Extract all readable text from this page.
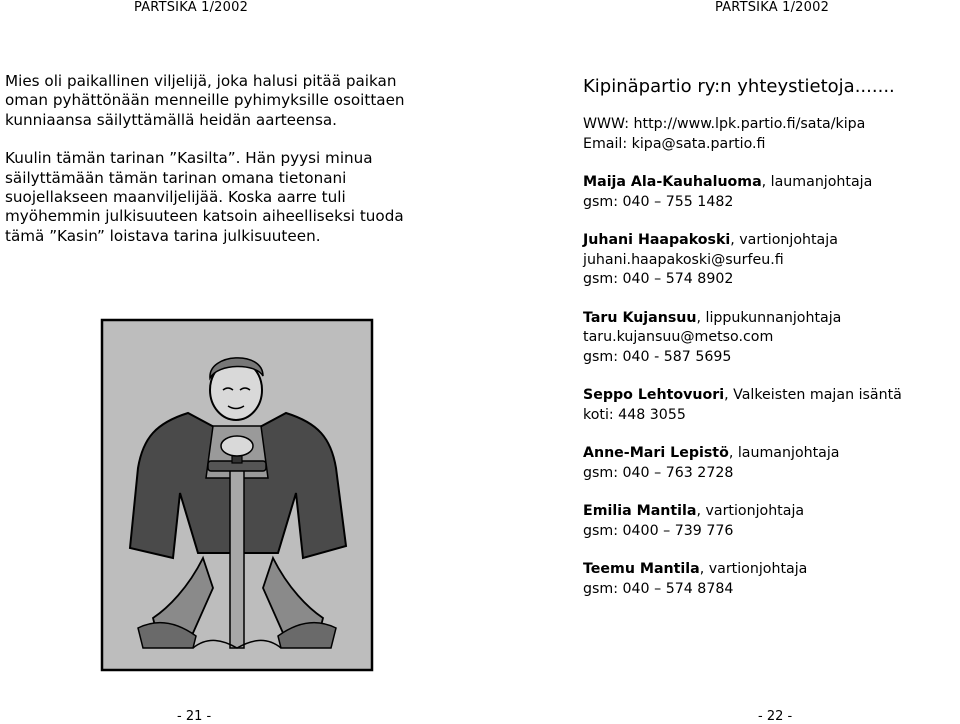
PARTSIKA 1/2002	PARTSIKA 1/2002

Mies oli paikallinen viljelijä, joka halusi pitää paikan
oman pyhättönään menneille pyhimyksille osoittaen
kunniaansa säilyttämällä heidän aarteensa.

Kuulin tämän tarinan ”Kasilta”. Hän pyysi minua
säilyttämään tämän tarinan omana tietonani
suojellakseen maanviljelijää. Koska aarre tuli
myöhemmin julkisuuteen katsoin aiheelliseksi tuoda
tämä ”Kasin” loistava tarina julkisuuteen.

Kipinäpartio ry:n yhteystietoja.......
WWW: http://www.lpk.partio.fi/sata/kipa
Email: kipa@sata.partio.fi
Maija Ala-Kauhaluoma, laumanjohtaja
gsm: 040 – 755 1482
Juhani Haapakoski, vartionjohtaja
juhani.haapakoski@surfeu.fi
gsm: 040 – 574 8902
Taru Kujansuu, lippukunnanjohtaja
taru.kujansuu@metso.com
gsm: 040 - 587 5695
Seppo Lehtovuori, Valkeisten majan isäntä
koti: 448 3055
Anne-Mari Lepistö, laumanjohtaja
gsm: 040 – 763 2728
Emilia Mantila, vartionjohtaja
gsm: 0400 – 739 776
Teemu Mantila, vartionjohtaja
gsm: 040 – 574 8784
- 21 -	- 22 -
